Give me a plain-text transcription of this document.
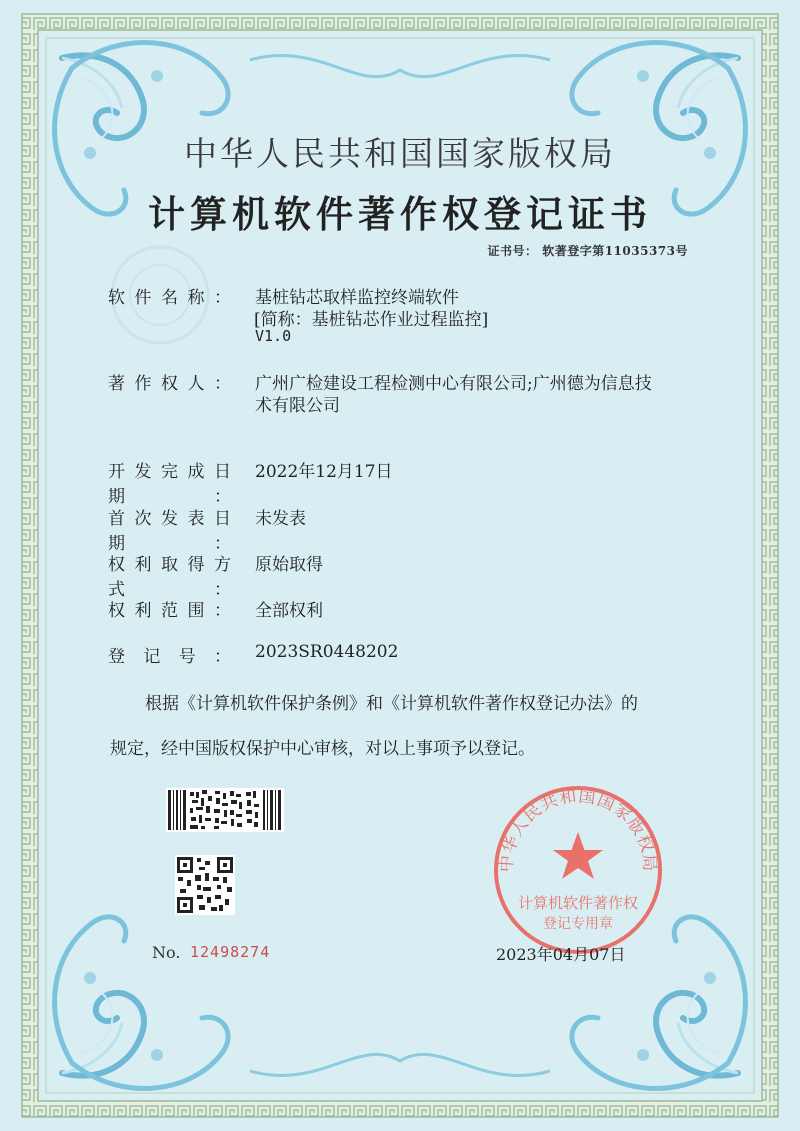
中华人民共和国国家版权局
计算机软件著作权登记证书
证书号： 软著登字第11035373号
软件名称： 基桩钻芯取样监控终端软件
[简称：基桩钻芯作业过程监控]
V1.0
著作权人： 广州广检建设工程检测中心有限公司;广州德为信息技
术有限公司
开发完成日期：
2022年12月17日
首次发表日期：
未发表
权利取得方式：
原始取得
权利范围： 全部权利
登记号： 2023SR0448202
根据《计算机软件保护条例》和《计算机软件著作权登记办法》的
规定，经中国版权保护中心审核，对以上事项予以登记。
No. 12498274
中华人民共和国国家版权局
计算机软件著作权
登记专用章
2023年04月07日
